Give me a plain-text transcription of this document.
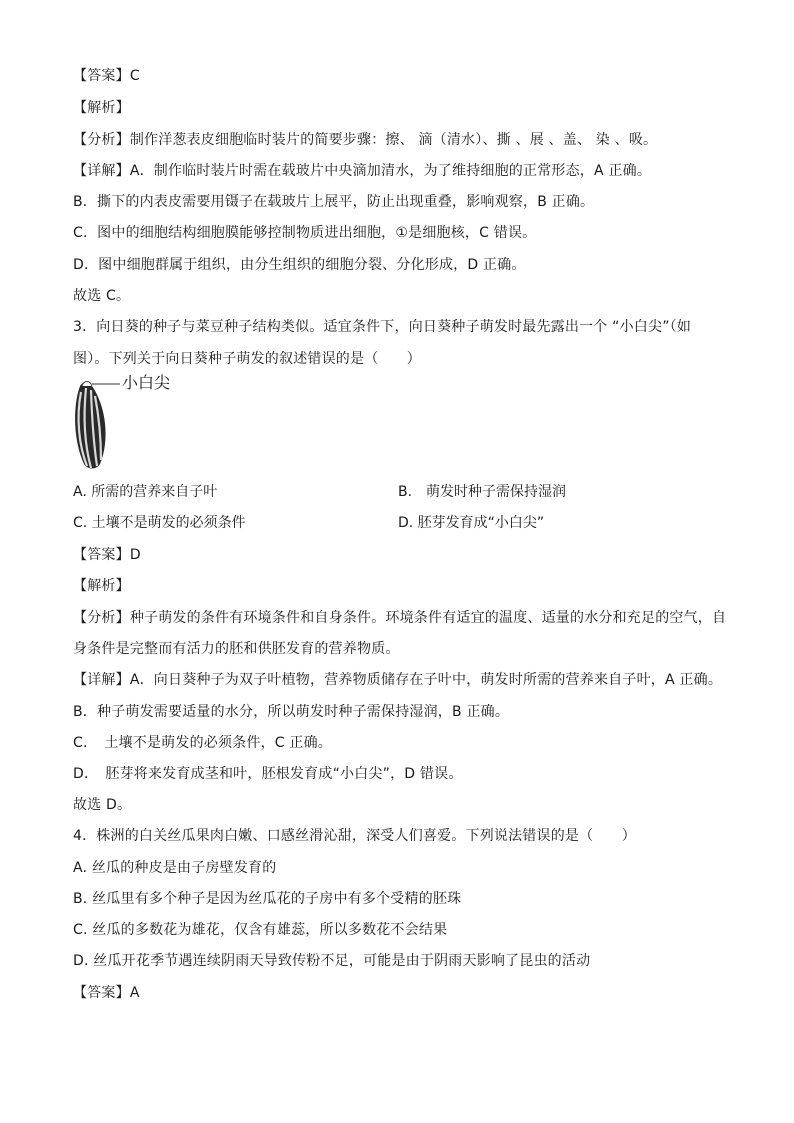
【答案】C
【解析】
【分析】制作洋葱表皮细胞临时装片的简要步骤：擦、 滴（清水）、撕 、展 、盖、 染 、吸。
【详解】A．制作临时装片时需在载玻片中央滴加清水，为了维持细胞的正常形态，A 正确。
B．撕下的内表皮需要用镊子在载玻片上展平，防止出现重叠，影响观察，B 正确。
C．图中的细胞结构细胞膜能够控制物质进出细胞，①是细胞核，C 错误。
D．图中细胞群属于组织，由分生组织的细胞分裂、分化形成，D 正确。
故选 C。
3．向日葵的种子与菜豆种子结构类似。适宜条件下，向日葵种子萌发时最先露出一个 “小白尖”（如
图）。下列关于向日葵种子萌发的叙述错误的是（　　）
小白尖
A. 所需的营养来自子叶	B.　萌发时种子需保持湿润
C. 土壤不是萌发的必须条件	D. 胚芽发育成“小白尖”
【答案】D
【解析】
【分析】种子萌发的条件有环境条件和自身条件。环境条件有适宜的温度、适量的水分和充足的空气，自
身条件是完整而有活力的胚和供胚发育的营养物质。
【详解】A．向日葵种子为双子叶植物，营养物质储存在子叶中，萌发时所需的营养来自子叶，A 正确。
B．种子萌发需要适量的水分，所以萌发时种子需保持湿润，B 正确。
C．　土壤不是萌发的必须条件，C 正确。
D．　胚芽将来发育成茎和叶，胚根发育成“小白尖”，D 错误。
故选 D。
4．株洲的白关丝瓜果肉白嫩、口感丝滑沁甜，深受人们喜爱。下列说法错误的是（　　）
A. 丝瓜的种皮是由子房壁发育的
B. 丝瓜里有多个种子是因为丝瓜花的子房中有多个受精的胚珠
C. 丝瓜的多数花为雄花，仅含有雄蕊，所以多数花不会结果
D. 丝瓜开花季节遇连续阴雨天导致传粉不足，可能是由于阴雨天影响了昆虫的活动
【答案】A
